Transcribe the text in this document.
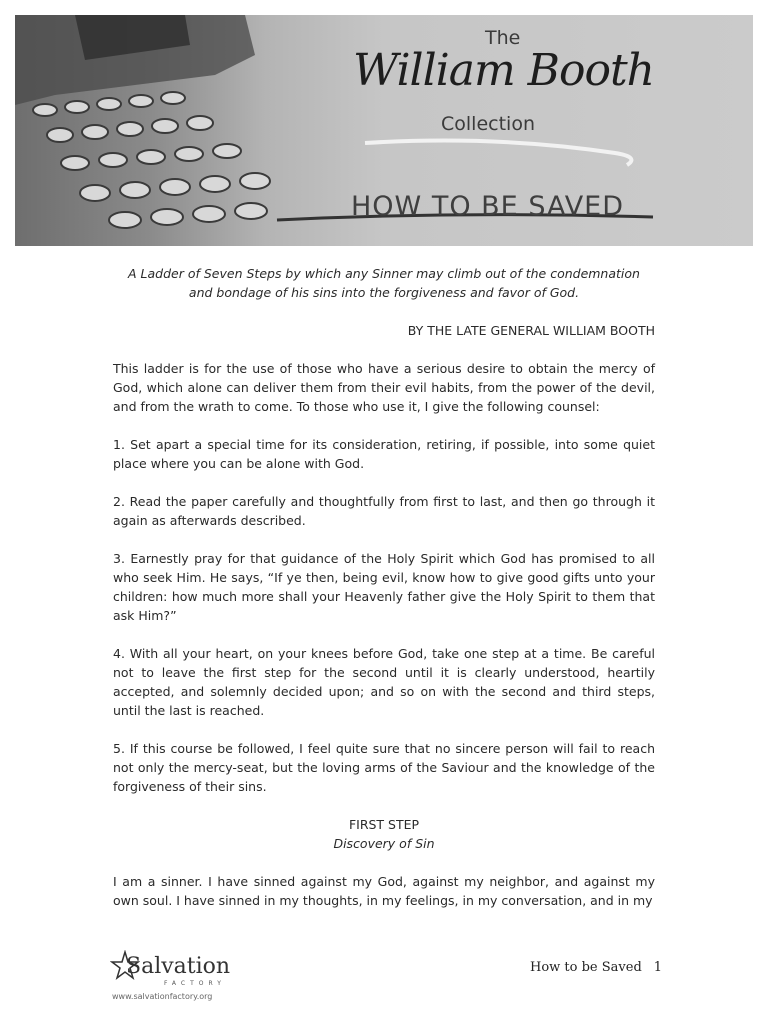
The
William Booth
Collection
HOW TO BE SAVED
A Ladder of Seven Steps by which any Sinner may climb out of the condemnation
and bondage of his sins into the forgiveness and favor of God.
BY THE LATE GENERAL WILLIAM BOOTH

This ladder is for the use of those who have a serious desire to obtain the mercy of God, which alone can deliver them from their evil habits, from the power of the devil, and from the wrath to come. To those who use it, I give the following counsel:

1. Set apart a special time for its consideration, retiring, if possible, into some quiet place where you can be alone with God.

2. Read the paper carefully and thoughtfully from first to last, and then go through it again as afterwards described.

3. Earnestly pray for that guidance of the Holy Spirit which God has promised to all who seek Him. He says, “If ye then, being evil, know how to give good gifts unto your children: how much more shall your Heavenly father give the Holy Spirit to them that ask Him?”

4. With all your heart, on your knees before God, take one step at a time. Be careful not to leave the first step for the second until it is clearly understood, heartily accepted, and solemnly decided upon; and so on with the second and third steps, until the last is reached.

5. If this course be followed, I feel quite sure that no sincere person will fail to reach not only the mercy-seat, but the loving arms of the Saviour and the knowledge of the forgiveness of their sins.

FIRST STEP
Discovery of Sin

I am a sinner. I have sinned against my God, against my neighbor, and against my own soul. I have sinned in my thoughts, in my feelings, in my conversation, and in my

Salvation
FACTORY
www.salvationfactory.org
How to be Saved 1
